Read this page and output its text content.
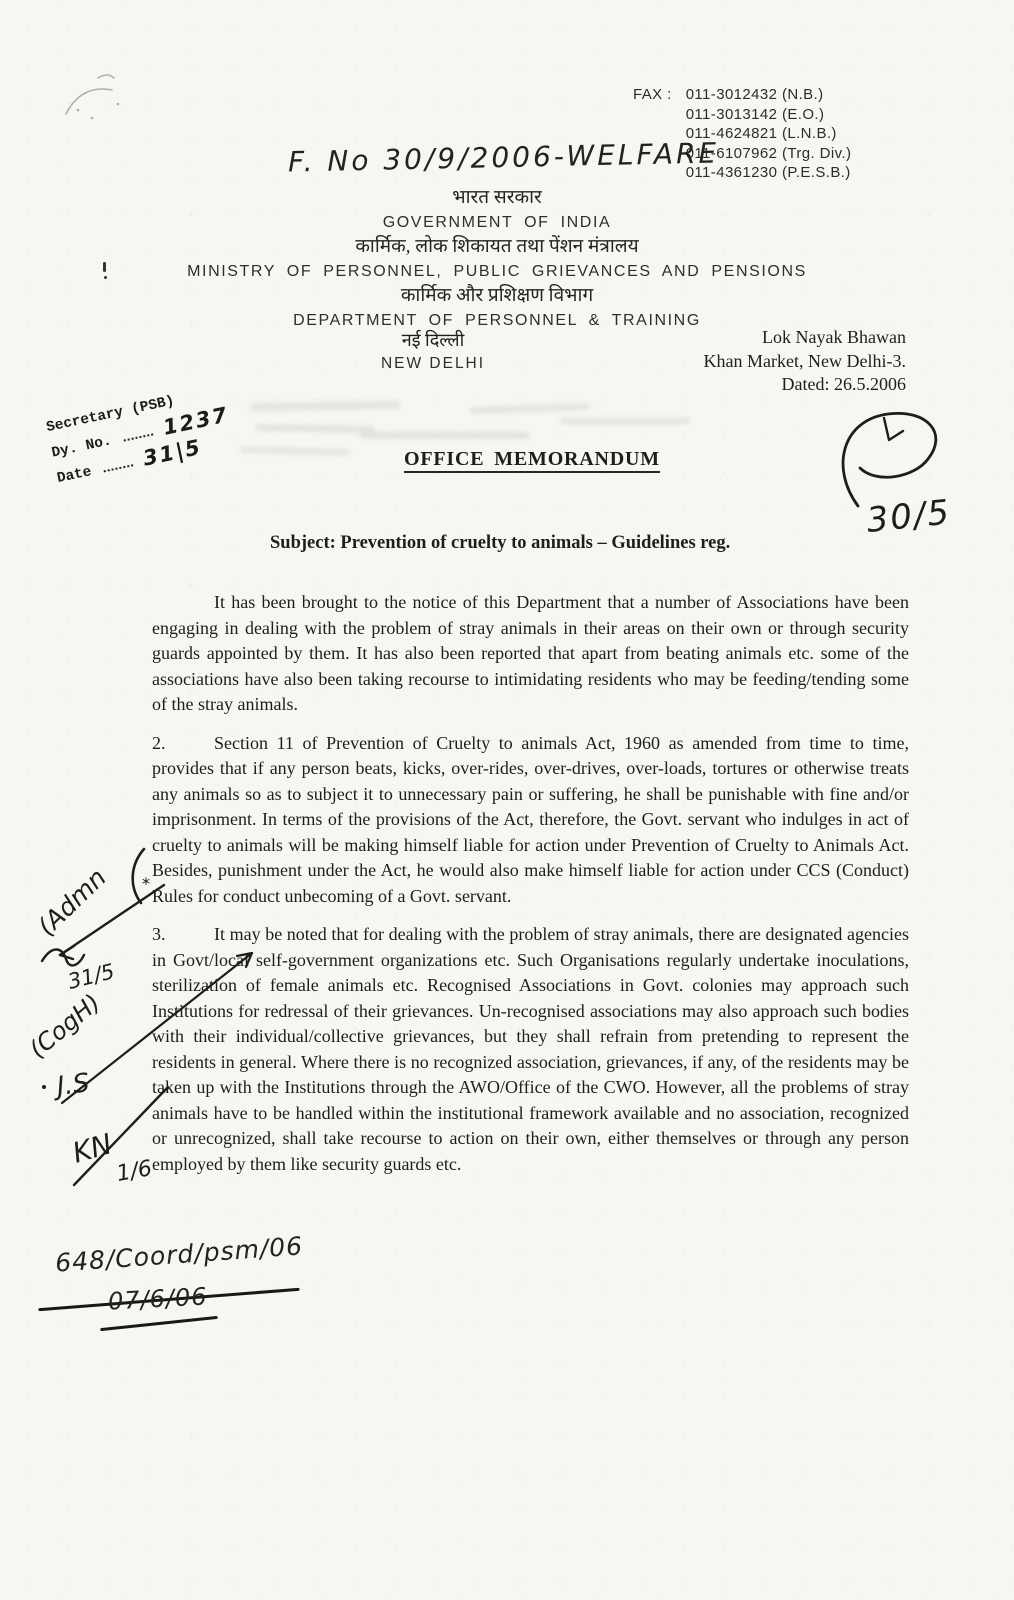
FAX : 011-3012432 (N.B.)
011-3013142 (E.O.)
011-4624821 (L.N.B.)
011-6107962 (Trg. Div.)
011-4361230 (P.E.S.B.)
F. No 30/9/2006-WELFARE
भारत सरकार
GOVERNMENT OF INDIA
कार्मिक, लोक शिकायत तथा पेंशन मंत्रालय
MINISTRY OF PERSONNEL, PUBLIC GRIEVANCES AND PENSIONS
कार्मिक और प्रशिक्षण विभाग
DEPARTMENT OF PERSONNEL & TRAINING
नई दिल्ली
NEW DELHI
Lok Nayak Bhawan
Khan Market, New Delhi-3.
Dated: 26.5.2006
Secretary (PSB)
Dy. No.  1237
Date  31|5	OFFICE MEMORANDUM
30/5
Subject: Prevention of cruelty to animals – Guidelines reg.

It has been brought to the notice of this Department that a number of Associations have been engaging in dealing with the problem of stray animals in their areas on their own or through security guards appointed by them. It has also been reported that apart from beating animals etc. some of the associations have also been taking recourse to intimidating residents who may be feeding/tending some of the stray animals.

2.	Section 11 of Prevention of Cruelty to animals Act, 1960 as amended from time to time, provides that if any person beats, kicks, over-rides, over-drives, over-loads, tortures or otherwise treats any animals so as to subject it to unnecessary pain or suffering, he shall be punishable with fine and/or imprisonment. In terms of the provisions of the Act, therefore, the Govt. servant who indulges in act of cruelty to animals will be making himself liable for action under Prevention of Cruelty to Animals Act. Besides, punishment under the Act, he would also make himself liable for action under CCS (Conduct) Rules for conduct unbecoming of a Govt. servant.

3.	It may be noted that for dealing with the problem of stray animals, there are designated agencies in Govt/local self-government organizations etc. Such Organisations regularly undertake inoculations, sterilization of female animals etc. Recognised Associations in Govt. colonies may approach such Institutions for redressal of their grievances. Un-recognised associations may also approach such bodies with their individual/collective grievances, but they shall refrain from pretending to represent the residents in general. Where there is no recognized association, grievances, if any, of the residents may be taken up with the Institutions through the AWO/Office of the CWO. However, all the problems of stray animals have to be handled within the institutional framework available and no association, recognized or unrecognized, shall take recourse to action on their own, either themselves or through any person employed by them like security guards etc.

*
(Admn
31/5
(CogH)
J.S
KN
1/6
648/Coord/psm/06
07/6/06
